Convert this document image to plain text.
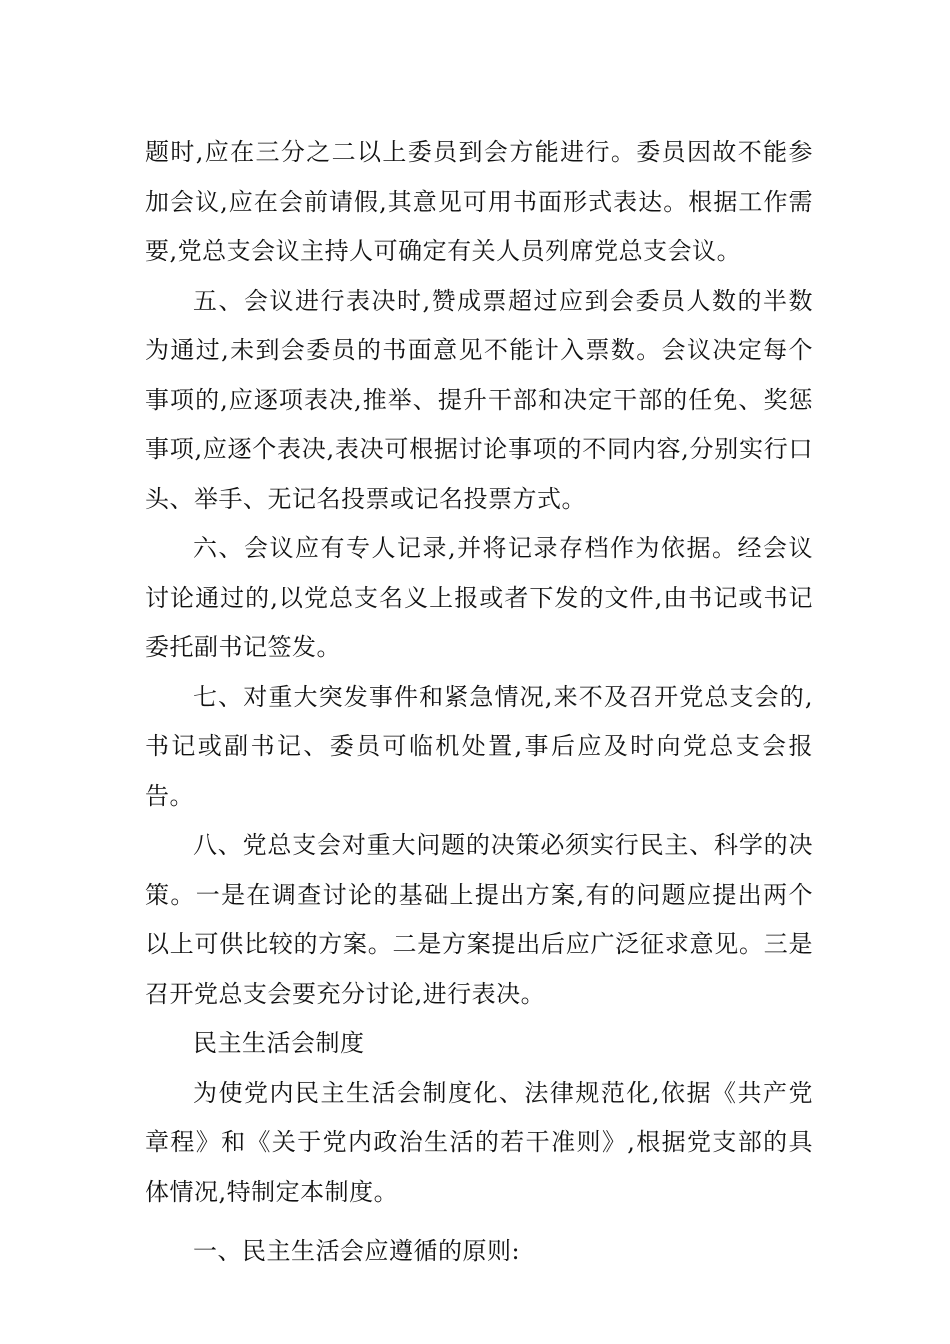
题时,应在三分之二以上委员到会方能进行。委员因故不能参加会议,应在会前请假,其意见可用书面形式表达。根据工作需要,党总支会议主持人可确定有关人员列席党总支会议。

五、会议进行表决时,赞成票超过应到会委员人数的半数为通过,未到会委员的书面意见不能计入票数。会议决定每个事项的,应逐项表决,推举、提升干部和决定干部的任免、奖惩事项,应逐个表决,表决可根据讨论事项的不同内容,分别实行口头、举手、无记名投票或记名投票方式。

六、会议应有专人记录,并将记录存档作为依据。经会议讨论通过的,以党总支名义上报或者下发的文件,由书记或书记委托副书记签发。

七、对重大突发事件和紧急情况,来不及召开党总支会的,书记或副书记、委员可临机处置,事后应及时向党总支会报告。

八、党总支会对重大问题的决策必须实行民主、科学的决策。一是在调查讨论的基础上提出方案,有的问题应提出两个以上可供比较的方案。二是方案提出后应广泛征求意见。三是召开党总支会要充分讨论,进行表决。

民主生活会制度

为使党内民主生活会制度化、法律规范化,依据《共产党章程》和《关于党内政治生活的若干准则》,根据党支部的具体情况,特制定本制度。

一、民主生活会应遵循的原则:
